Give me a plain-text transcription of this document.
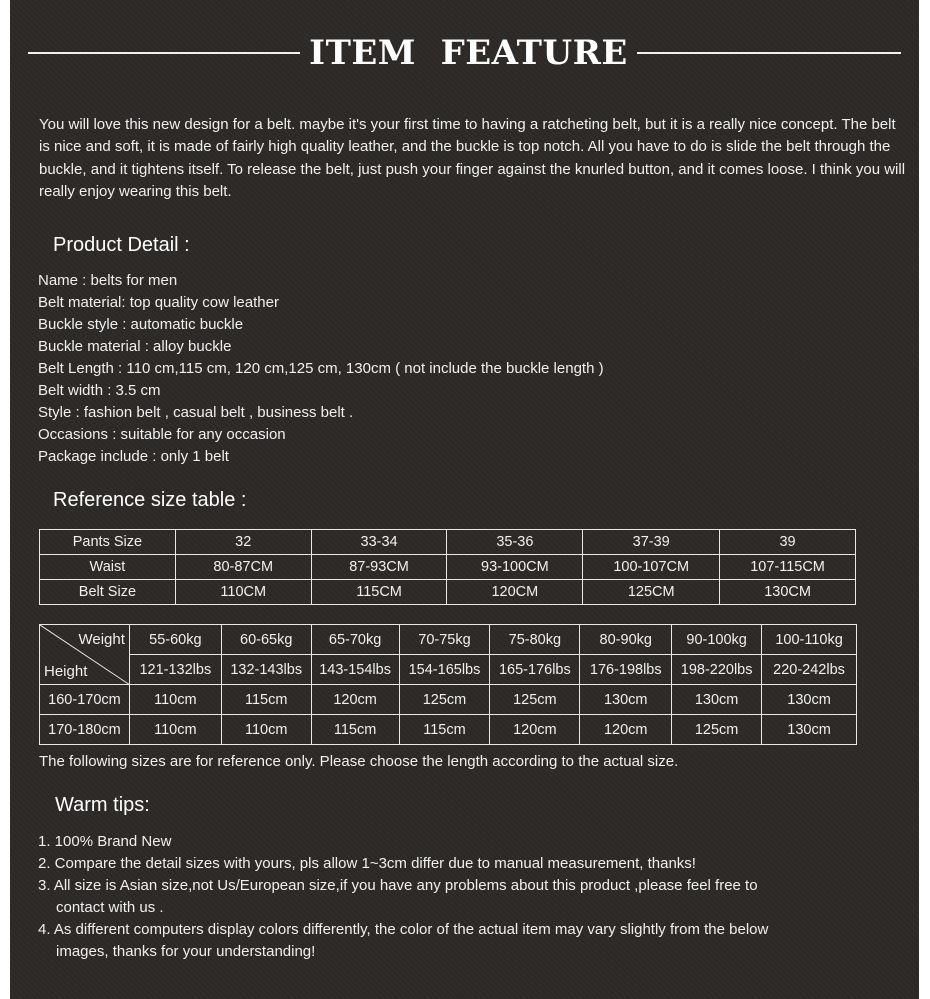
ITEM  FEATURE
You will love this new design for a belt. maybe it's your first time to having a ratcheting belt, but it is a really nice concept. The belt is nice and soft, it is made of fairly high quality leather, and the buckle is top notch. All you have to do is slide the belt through the buckle, and it tightens itself. To release the belt, just push your finger against the knurled button, and it comes loose. I think you will really enjoy wearing this belt.
Product Detail :
Name : belts for men
Belt material: top quality cow leather
Buckle style : automatic buckle
Buckle material : alloy buckle
Belt Length : 110 cm,115 cm, 120 cm,125 cm, 130cm ( not include the buckle length )
Belt width : 3.5 cm
Style : fashion belt , casual belt , business belt .
Occasions : suitable for any occasion
Package include : only 1 belt
Reference size table :
Pants Size	32	33-34	35-36	37-39	39
Waist	80-87CM	87-93CM	93-100CM	100-107CM	107-115CM
Belt Size	110CM	115CM	120CM	125CM	130CM
Weight
Height	55-60kg	60-65kg	65-70kg	70-75kg	75-80kg	80-90kg	90-100kg	100-110kg
	121-132lbs	132-143lbs	143-154lbs	154-165lbs	165-176lbs	176-198lbs	198-220lbs	220-242lbs
160-170cm	110cm	115cm	120cm	125cm	125cm	130cm	130cm	130cm
170-180cm	110cm	110cm	115cm	115cm	120cm	120cm	125cm	130cm
The following sizes are for reference only. Please choose the length according to the actual size.
Warm tips:
1. 100% Brand New
2. Compare the detail sizes with yours, pls allow 1~3cm differ due to manual measurement, thanks!
3. All size is Asian size,not Us/European size,if you have any problems about this product ,please feel free to
contact with us .
4. As different computers display colors differently, the color of the actual item may vary slightly from the below
images, thanks for your understanding!
